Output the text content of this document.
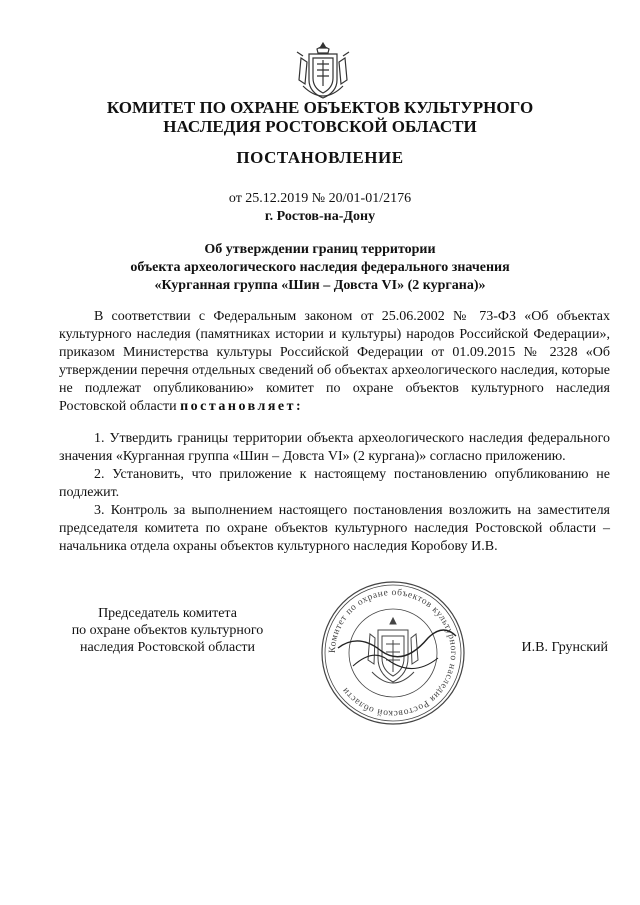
КОМИТЕТ ПО ОХРАНЕ ОБЪЕКТОВ КУЛЬТУРНОГО
НАСЛЕДИЯ РОСТОВСКОЙ ОБЛАСТИ
ПОСТАНОВЛЕНИЕ
от 25.12.2019 № 20/01-01/2176
г. Ростов-на-Дону
Об утверждении границ территории
объекта археологического наследия федерального значения
«Курганная группа «Шин – Довста VI» (2 кургана)»

В соответствии с Федеральным законом от 25.06.2002 № 73-ФЗ «Об объектах культурного наследия (памятниках истории и культуры) народов Российской Федерации», приказом Министерства культуры Российской Федерации от 01.09.2015 № 2328 «Об утверждении перечня отдельных сведений об объектах археологического наследия, которые не подлежат опубликованию» комитет по охране объектов культурного наследия Ростовской области постановляет:

1. Утвердить границы территории объекта археологического наследия федерального значения «Курганная группа «Шин – Довста VI» (2 кургана)» согласно приложению.

2. Установить, что приложение к настоящему постановлению опубликованию не подлежит.

3. Контроль за выполнением настоящего постановления возложить на заместителя председателя комитета по охране объектов культурного наследия Ростовской области – начальника отдела охраны объектов культурного наследия Коробову И.В.

Председатель комитета
по охране объектов культурного
наследия Ростовской области	Комитет по охране объектов культурного наследия Ростовской области
И.В. Грунский
